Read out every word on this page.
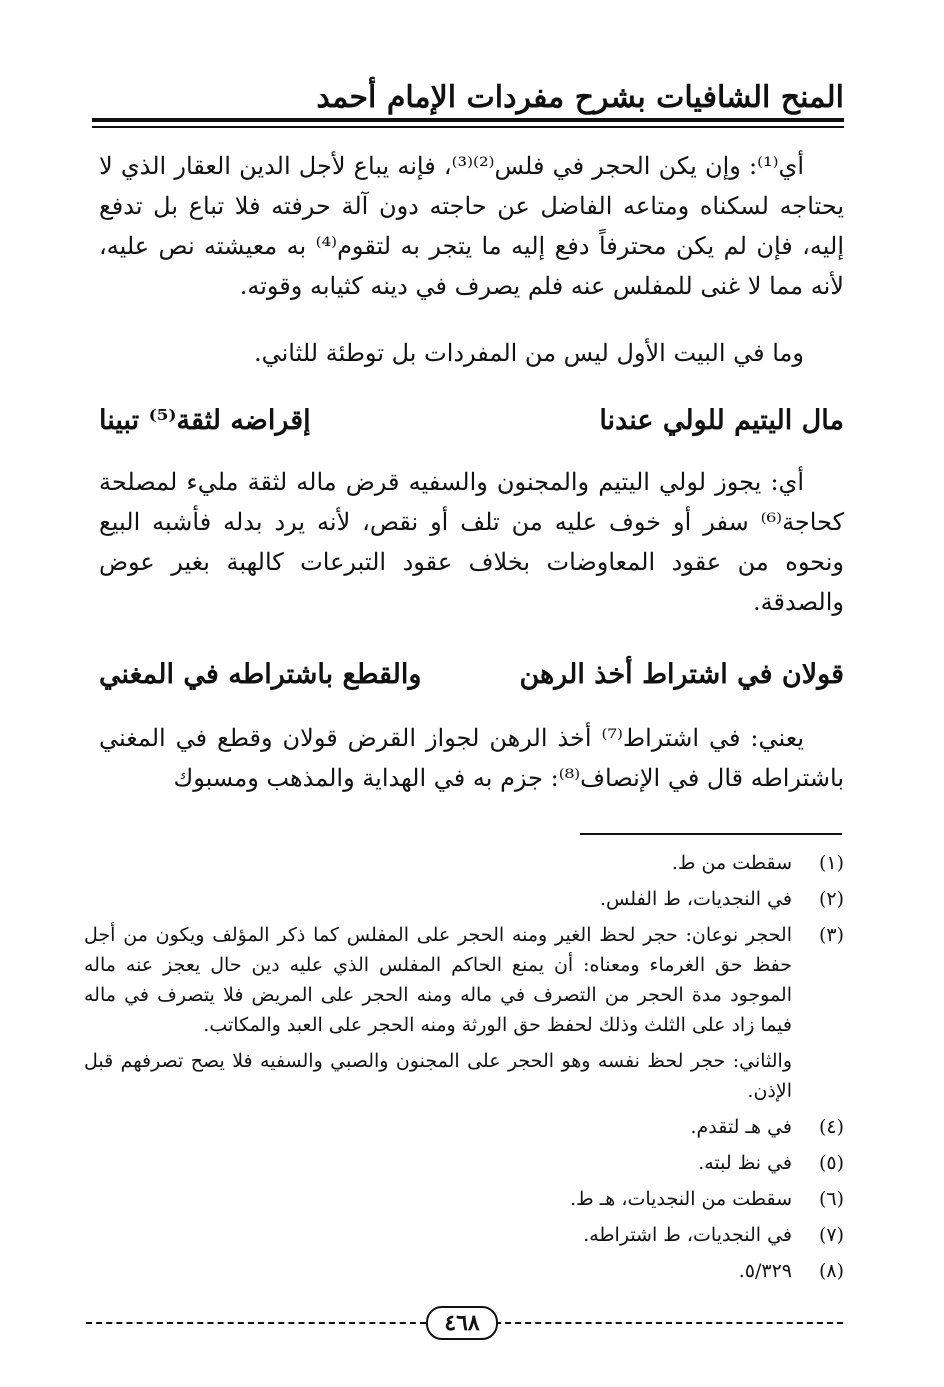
المنح الشافيات بشرح مفردات الإمام أحمد

أي⁽¹⁾: وإن يكن الحجر في فلس⁽²⁾⁽³⁾، فإنه يباع لأجل الدين العقار الذي لا يحتاجه لسكناه ومتاعه الفاضل عن حاجته دون آلة حرفته فلا تباع بل تدفع إليه، فإن لم يكن محترفاً دفع إليه ما يتجر به لتقوم⁽⁴⁾ به معيشته نص عليه، لأنه مما لا غنى للمفلس عنه فلم يصرف في دينه كثيابه وقوته.

وما في البيت الأول ليس من المفردات بل توطئة للثاني.

مال اليتيم للولي عندنا
إقراضه لثقة⁽⁵⁾ تبينا

أي: يجوز لولي اليتيم والمجنون والسفيه قرض ماله لثقة مليء لمصلحة كحاجة⁽⁶⁾ سفر أو خوف عليه من تلف أو نقص، لأنه يرد بدله فأشبه البيع ونحوه من عقود المعاوضات بخلاف عقود التبرعات كالهبة بغير عوض والصدقة.

قولان في اشتراط أخذ الرهن
والقطع باشتراطه في المغني

يعني: في اشتراط⁽⁷⁾ أخذ الرهن لجواز القرض قولان وقطع في المغني باشتراطه قال في الإنصاف⁽⁸⁾: جزم به في الهداية والمذهب ومسبوك

(١)
سقطت من ط.
(٢)
في النجديات، ط الفلس.
(٣)
الحجر نوعان: حجر لحظ الغير ومنه الحجر على المفلس كما ذكر المؤلف ويكون من أجل حفظ حق الغرماء ومعناه: أن يمنع الحاكم المفلس الذي عليه دين حال يعجز عنه ماله الموجود مدة الحجر من التصرف في ماله ومنه الحجر على المريض فلا يتصرف في ماله فيما زاد على الثلث وذلك لحفظ حق الورثة ومنه الحجر على العبد والمكاتب.
والثاني: حجر لحظ نفسه وهو الحجر على المجنون والصبي والسفيه فلا يصح تصرفهم قبل الإذن.
(٤)
في هـ لتقدم.
(٥)
في نظ لبته.
(٦)
سقطت من النجديات، هـ ط.
(٧)
في النجديات، ط اشتراطه.
(٨)
٥/٣٢٩.
٤٦٨
